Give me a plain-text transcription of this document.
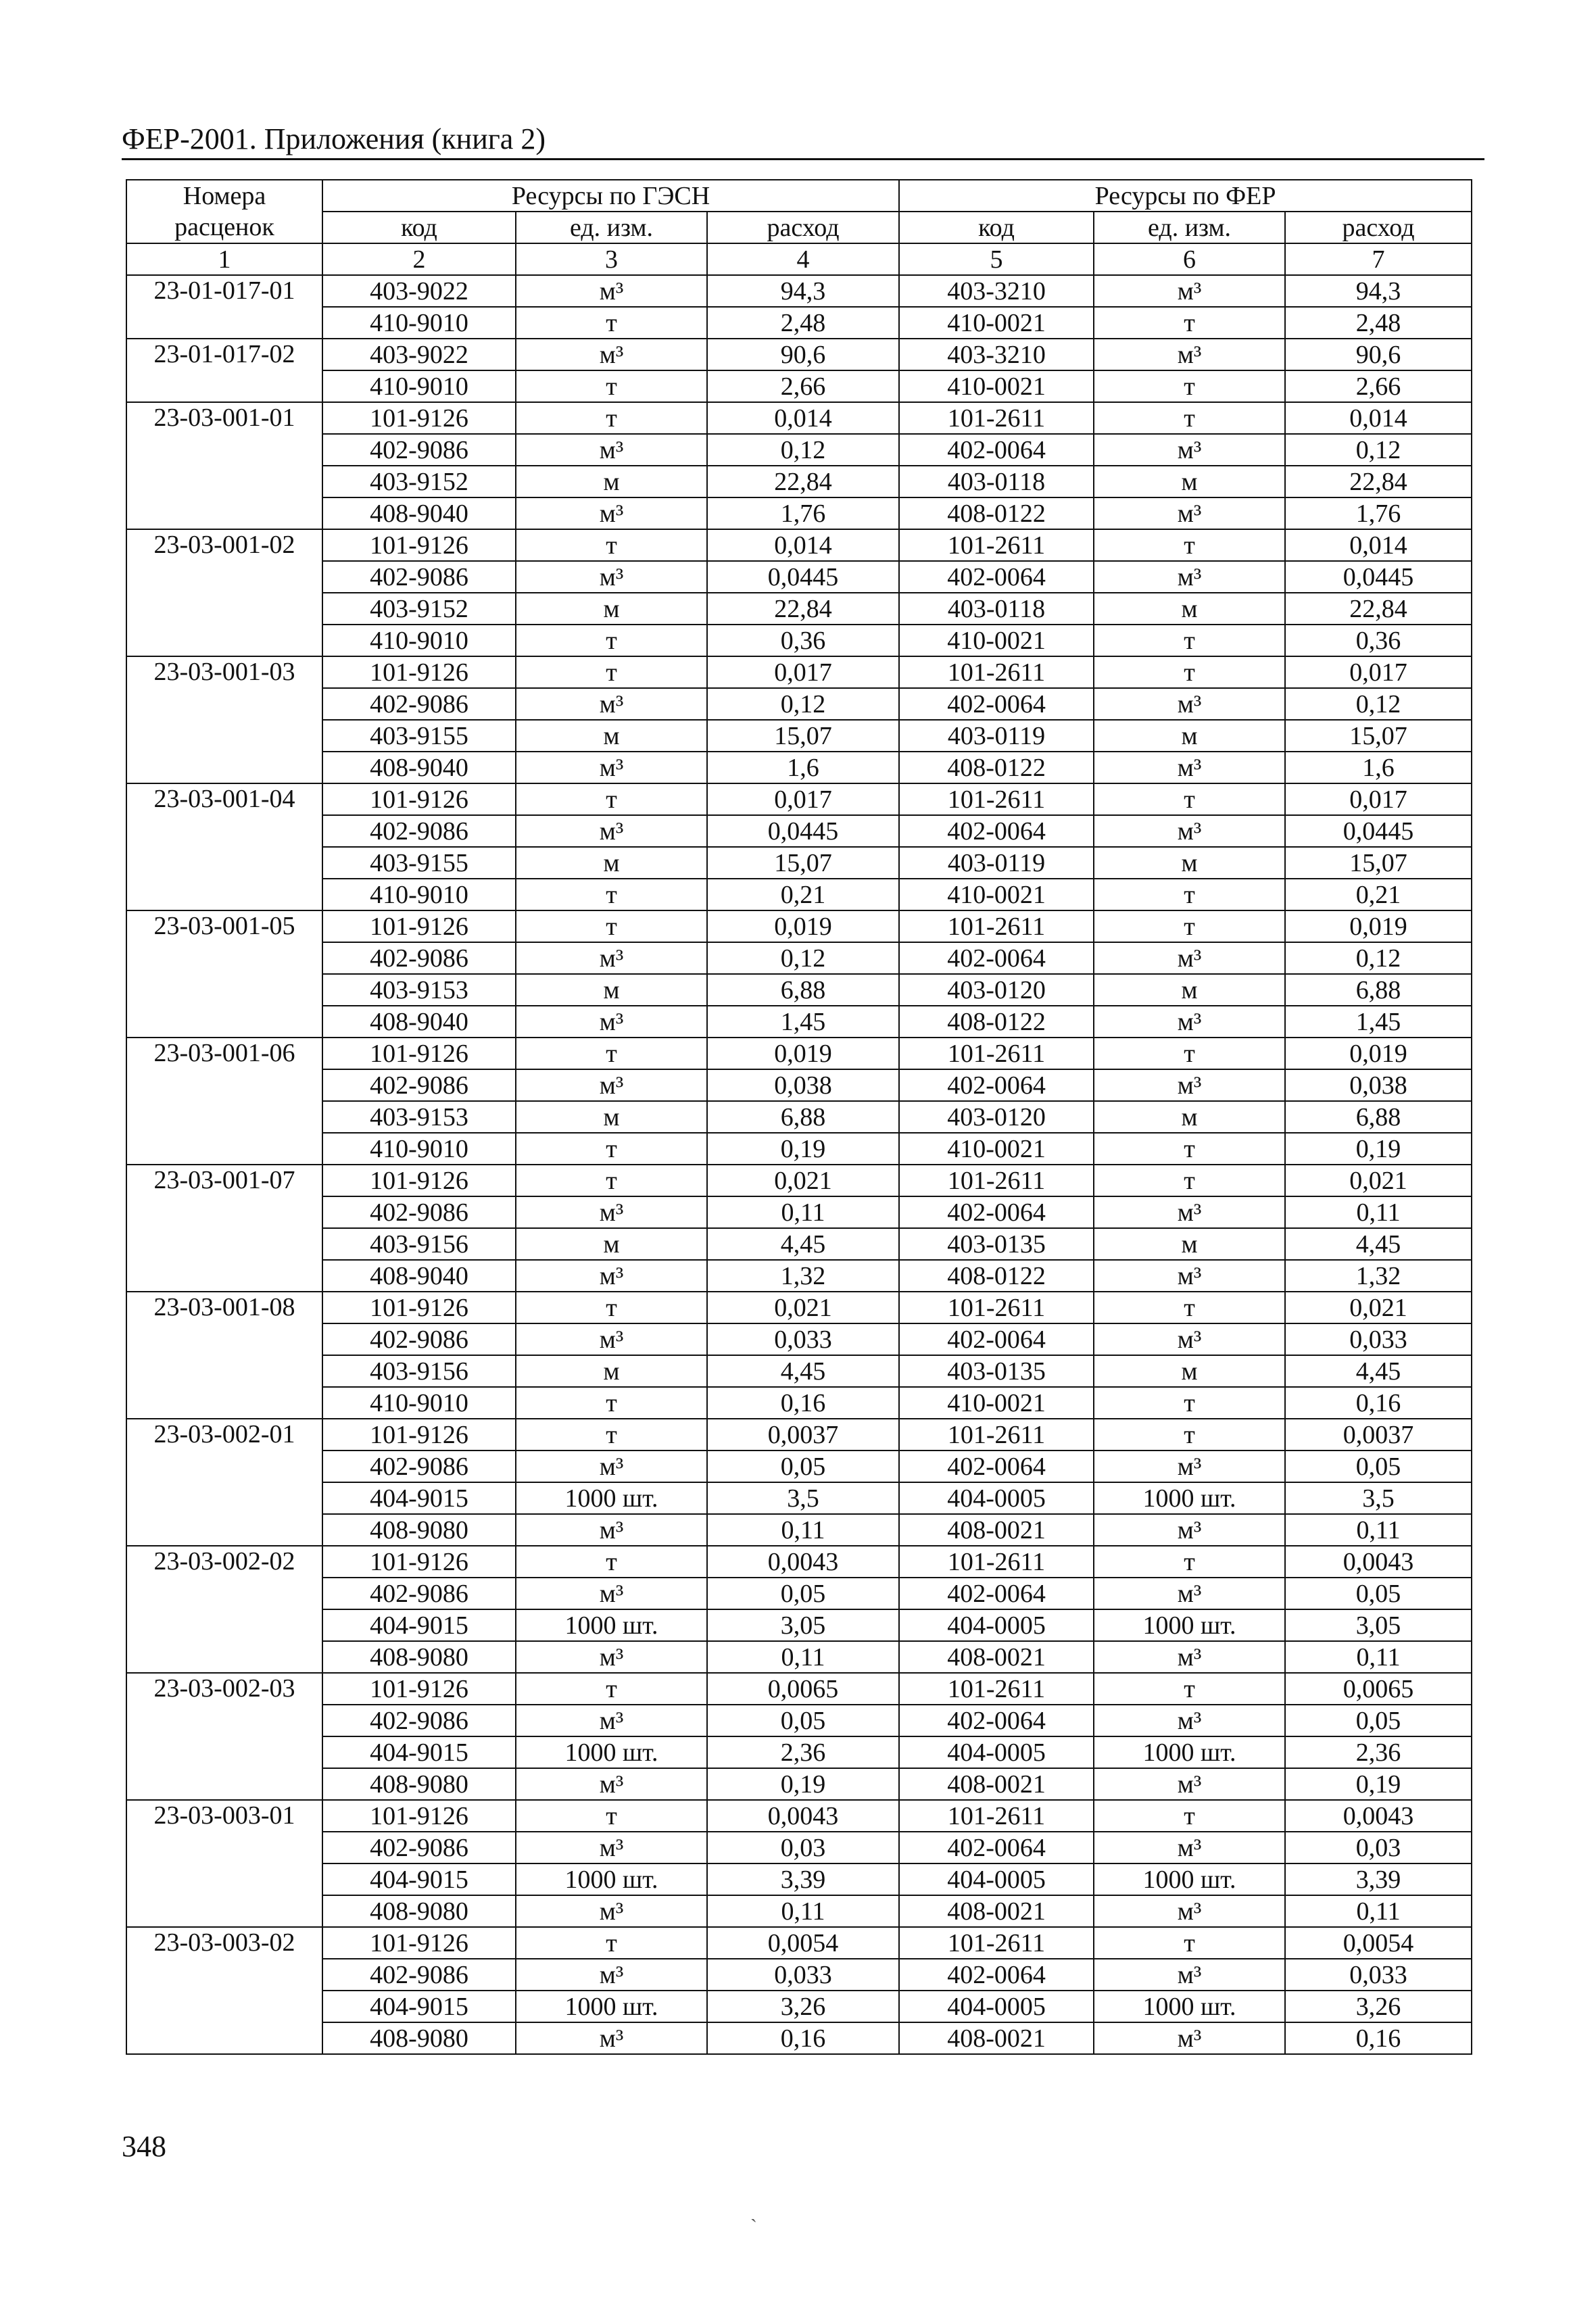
ФЕР-2001. Приложения (книга 2)
Номера	Ресурсы по ГЭСН			Ресурсы по ФЕР		
расценок	код	ед. изм.	расход	код	ед. изм.	расход
1	2	3	4	5	6	7
23-01-017-01	403-9022	м³	94,3	403-3210	м³	94,3
	410-9010	т	2,48	410-0021	т	2,48
23-01-017-02	403-9022	м³	90,6	403-3210	м³	90,6
	410-9010	т	2,66	410-0021	т	2,66
23-03-001-01	101-9126	т	0,014	101-2611	т	0,014
	402-9086	м³	0,12	402-0064	м³	0,12
	403-9152	м	22,84	403-0118	м	22,84
	408-9040	м³	1,76	408-0122	м³	1,76
23-03-001-02	101-9126	т	0,014	101-2611	т	0,014
	402-9086	м³	0,0445	402-0064	м³	0,0445
	403-9152	м	22,84	403-0118	м	22,84
	410-9010	т	0,36	410-0021	т	0,36
23-03-001-03	101-9126	т	0,017	101-2611	т	0,017
	402-9086	м³	0,12	402-0064	м³	0,12
	403-9155	м	15,07	403-0119	м	15,07
	408-9040	м³	1,6	408-0122	м³	1,6
23-03-001-04	101-9126	т	0,017	101-2611	т	0,017
	402-9086	м³	0,0445	402-0064	м³	0,0445
	403-9155	м	15,07	403-0119	м	15,07
	410-9010	т	0,21	410-0021	т	0,21
23-03-001-05	101-9126	т	0,019	101-2611	т	0,019
	402-9086	м³	0,12	402-0064	м³	0,12
	403-9153	м	6,88	403-0120	м	6,88
	408-9040	м³	1,45	408-0122	м³	1,45
23-03-001-06	101-9126	т	0,019	101-2611	т	0,019
	402-9086	м³	0,038	402-0064	м³	0,038
	403-9153	м	6,88	403-0120	м	6,88
	410-9010	т	0,19	410-0021	т	0,19
23-03-001-07	101-9126	т	0,021	101-2611	т	0,021
	402-9086	м³	0,11	402-0064	м³	0,11
	403-9156	м	4,45	403-0135	м	4,45
	408-9040	м³	1,32	408-0122	м³	1,32
23-03-001-08	101-9126	т	0,021	101-2611	т	0,021
	402-9086	м³	0,033	402-0064	м³	0,033
	403-9156	м	4,45	403-0135	м	4,45
	410-9010	т	0,16	410-0021	т	0,16
23-03-002-01	101-9126	т	0,0037	101-2611	т	0,0037
	402-9086	м³	0,05	402-0064	м³	0,05
	404-9015	1000 шт.	3,5	404-0005	1000 шт.	3,5
	408-9080	м³	0,11	408-0021	м³	0,11
23-03-002-02	101-9126	т	0,0043	101-2611	т	0,0043
	402-9086	м³	0,05	402-0064	м³	0,05
	404-9015	1000 шт.	3,05	404-0005	1000 шт.	3,05
	408-9080	м³	0,11	408-0021	м³	0,11
23-03-002-03	101-9126	т	0,0065	101-2611	т	0,0065
	402-9086	м³	0,05	402-0064	м³	0,05
	404-9015	1000 шт.	2,36	404-0005	1000 шт.	2,36
	408-9080	м³	0,19	408-0021	м³	0,19
23-03-003-01	101-9126	т	0,0043	101-2611	т	0,0043
	402-9086	м³	0,03	402-0064	м³	0,03
	404-9015	1000 шт.	3,39	404-0005	1000 шт.	3,39
	408-9080	м³	0,11	408-0021	м³	0,11
23-03-003-02	101-9126	т	0,0054	101-2611	т	0,0054
	402-9086	м³	0,033	402-0064	м³	0,033
	404-9015	1000 шт.	3,26	404-0005	1000 шт.	3,26
	408-9080	м³	0,16	408-0021	м³	0,16
348
ˏ
